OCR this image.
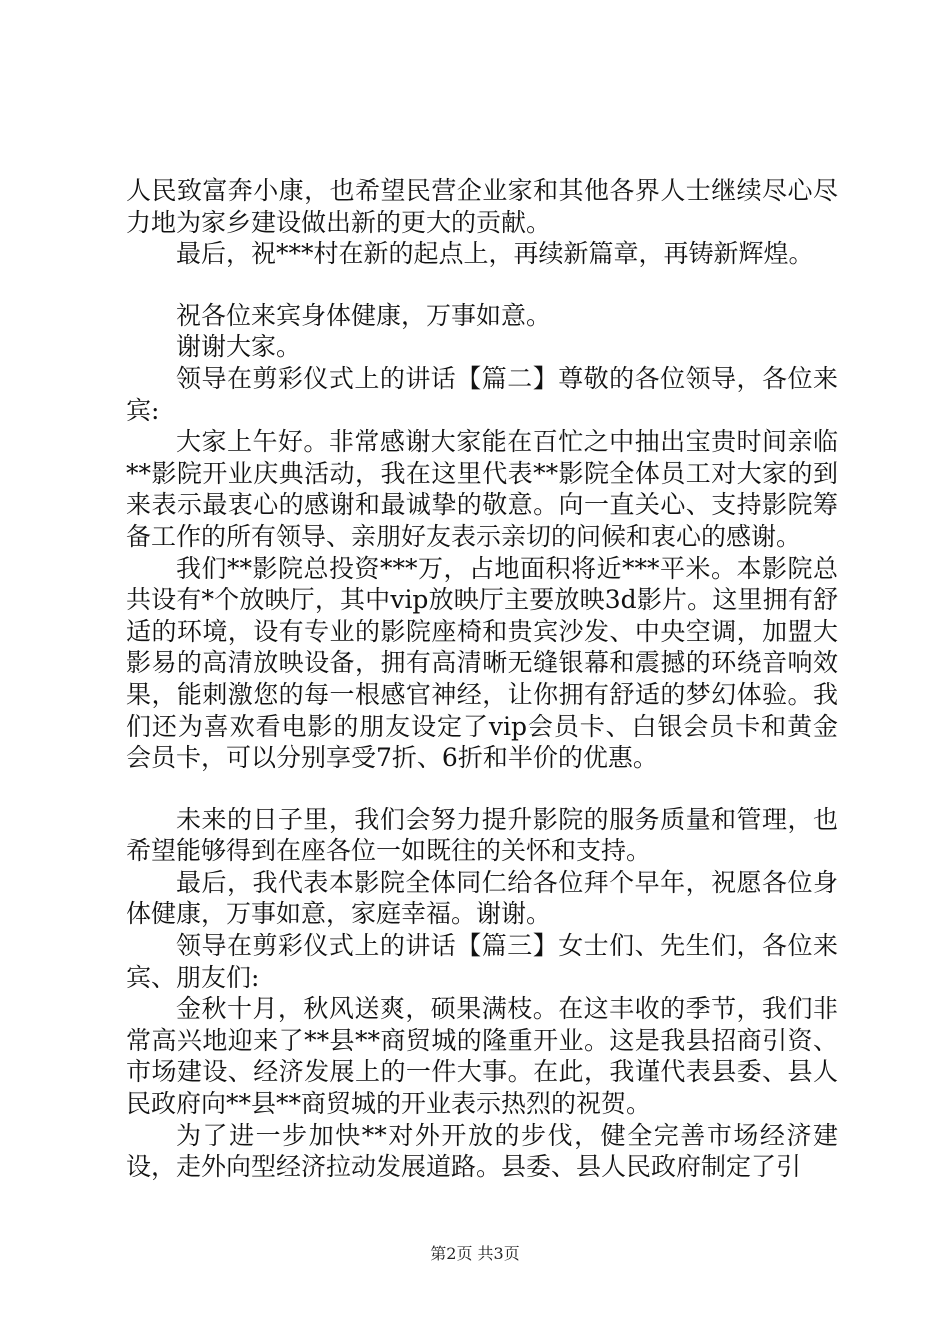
人民致富奔小康，也希望民营企业家和其他各界人士继续尽心尽力地为家乡建设做出新的更大的贡献。

最后，祝***村在新的起点上，再续新篇章，再铸新辉煌。

祝各位来宾身体健康，万事如意。

谢谢大家。

领导在剪彩仪式上的讲话【篇二】尊敬的各位领导，各位来宾:

大家上午好。非常感谢大家能在百忙之中抽出宝贵时间亲临**影院开业庆典活动，我在这里代表**影院全体员工对大家的到来表示最衷心的感谢和最诚挚的敬意。向一直关心、支持影院筹备工作的所有领导、亲朋好友表示亲切的问候和衷心的感谢。

我们**影院总投资***万，占地面积将近***平米。本影院总共设有*个放映厅，其中vip放映厅主要放映3d影片。这里拥有舒适的环境，设有专业的影院座椅和贵宾沙发、中央空调，加盟大影易的高清放映设备，拥有高清晰无缝银幕和震撼的环绕音响效果，能刺激您的每一根感官神经，让你拥有舒适的梦幻体验。我们还为喜欢看电影的朋友设定了vip会员卡、白银会员卡和黄金会员卡，可以分别享受7折、6折和半价的优惠。

未来的日子里，我们会努力提升影院的服务质量和管理，也希望能够得到在座各位一如既往的关怀和支持。

最后，我代表本影院全体同仁给各位拜个早年，祝愿各位身体健康，万事如意，家庭幸福。谢谢。

领导在剪彩仪式上的讲话【篇三】女士们、先生们，各位来宾、朋友们:

金秋十月，秋风送爽，硕果满枝。在这丰收的季节，我们非常高兴地迎来了**县**商贸城的隆重开业。这是我县招商引资、市场建设、经济发展上的一件大事。在此，我谨代表县委、县人民政府向**县**商贸城的开业表示热烈的祝贺。

为了进一步加快**对外开放的步伐，健全完善市场经济建设，走外向型经济拉动发展道路。县委、县人民政府制定了引

第2页 共3页
